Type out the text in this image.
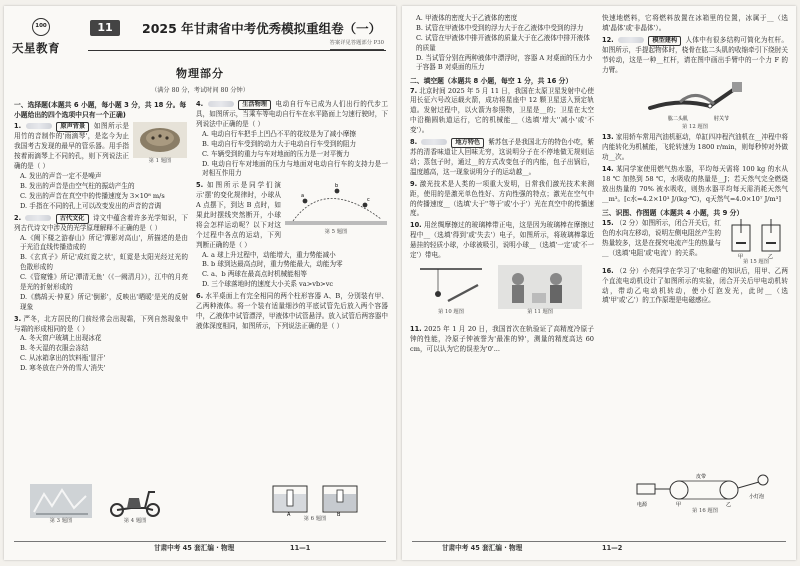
100
天星教育
11	2025 年甘肃省中考优秀模拟重组卷（一）
答案详见答题部分 P30
物理部分
（满分 80 分，考试时间 80 分钟）
一、选择题(本题共 6 小题，每小题 3 分，共 18 分。每小题给出的四个选项中只有一个正确)
第 1 题图
1.	原声背景 如图所示是用竹的音制作的'雨滴琴'，是迄今为止我国考古发现的最早的管乐器。用手指按着雨滴琴上不同的孔，则下列说法正确的是（ ）
A. 发出的声音一定不是噪声
B. 发出的声音是由空气柱的振动产生的
C. 发出的声音在真空中的传播速度为 3×10⁸ m/s
D. 手指在不同的孔上可以改变发出的声音的音调
2.	古代文化 诗文中蕴含着许多光学知识，下列古代诗文中涉及的光学原理解释不正确的是（ ）
A.《阙下楼之游春山》所记'潭影对高山'，所描述的是由于光沿直线传播造成的
B.《玄真子》所记'成红霓之状'，虹霓是太阳光经过光的色散形成的
C.《管窥锥》所记'潭清无鱼'（《一阙清月》），江中的月亮是光的折射形成的
D.《鹧鸪天·仲夏》所记'倒影'，反映出'晒暖'是光的反射现象
3. 严冬，北方居民的门前经常会出现霜，下列自然现象中与霜的形成相同的是（ ）
A. 冬天窗户玻璃上出现冰花
B. 冬天湿的衣服会冻结
C. 从冰箱拿出的饮料瓶'冒汗'
D. 寒冬放在户外的雪人'消失'
第 3 题图	第 4 题图
4.	生活物理 电动自行车已成为人们出行的代步工具，如图所示，当乘车等电动自行车在水平路面上匀速行驶时，下列说法中正确的是（ ）
A. 电动自行车把手上凹凸不平的花纹是为了减小摩擦
B. 电动自行车受到的动力大于电动自行车受到的阻力
C. 车辆受到的重力与车对地面的压力是一对平衡力
D. 电动自行车对地面的压力与地面对电动自行车的支持力是一对相互作用力
a
b
c
第 5 题图
5. 如图所示是同学们演示'摆'的变化规律时，小球从 A 点摆下，到达 B 点时，如果此时摆线突然断开，小球将会怎样运动呢？以下对这个过程中各点的运动，下列判断正确的是（ ）
A. a 球上升过程中，动能增大，重力势能减小
B. b 球到达最高点时，重力势能最大，动能为零
C. a、b 两球在最高点时机械能相等
D. 三个球落地时的速度大小关系 va>vb>vc
6. 水平桌面上有完全相同的两个柱形容器 A、B，分别装有甲、乙两种液体。将一个装有适量细沙的平底试管先后放入两个容器中，乙液体中试管漂浮，甲液体中试管悬浮。放入试管后两容器中液体深度相同，如图所示，下列说法正确的是（ ）
A	B
第 6 题图
甘肃中考 45 套汇编 · 物理	11—1
A. 甲液体的密度大于乙液体的密度
B. 试管在甲液体中受到的浮力大于在乙液体中受到的浮力
C. 试管在甲液体中排开液体的质量大于在乙液体中排开液体的质量
D. 当试管分别在两种液体中漂浮时，容器 A 对桌面的压力小于容器 B 对桌面的压力
二、填空题（本题共 8 小题，每空 1 分，共 16 分）
7. 北京时间 2025 年 5 月 11 日，我国在太原卫星发射中心使用长征六号改运载火箭，成功将星座中 12 颗卫星送入预定轨道。发射过程中，以火箭为参照物，卫星是__的；卫星在太空中沿椭圆轨道运行，它的机械能__（选填'增大''减小'或'不变'）。
8.	地方特色 紫苏包子是我国北方的特色小吃，紫苏的清香味道让人回味无穷，这说明分子在不停地做无规则运动；蒸包子时，通过__的方式改变包子的内能，包子出锅后，温度越高，这一现象说明分子的运动越__。
9. 激光技术是人类的一项重大发明，日常我们激光技术来测距，使用的是激光单色性好、方向性强的特点；激光在空气中的传播速度__（选填'大于''等于'或'小于'）光在真空中的传播速度。
10. 用丝绸摩擦过的玻璃棒带正电，这是因为玻璃棒在摩擦过程中__（选填'得到'或'失去'）电子，如图所示，将玻璃棒靠近悬挂的轻质小球，小球被吸引，说明小球__（选填'一定'或'不一定'）带电。
第 10 题图	第 11 题图
11. 2025 年 1 月 20 日，我国首次在轨验证了高精度冷原子钟的性能，冷原子钟被誉为'最准的钟'，测量的精度高达 60 cm，可以认为它的误差为'0'...
快速地燃料，它将燃料放置在冰箱里的位置，冰属于__（选填'晶体'或'非晶体'）。
12.	模型建构 人体中有很多结构可简化为杠杆。如图所示，手提起物体时，桡骨在肱二头肌的收缩牵引下绕肘关节转动，这是一种__杠杆，请在图中画出手臂中的一个力 F 的力臂。
肱二头肌	肘关节
第 12 题图
13. 家用轿车常用汽油机驱动，单缸四冲程汽油机在__冲程中将内能转化为机械能，飞轮转速为 1800 r/min，则每秒钟对外做功__次。
14. 某同学家使用燃气热水器，平均每天需将 100 kg 的水从 18 ℃ 加热到 58 ℃，水吸收的热量是__J；若天然气完全燃烧放出热量的 70% 被水吸收，则热水器平均每天需消耗天然气__m³。[c水=4.2×10³ J/(kg·℃)，q天然气=4.0×10⁷ J/m³]
三、识图、作图题（本题共 4 小题，共 9 分）
甲	乙
第 15 题图
15. （2 分）如图所示，闭合开关后，红色的水向左移动，说明左侧电阻丝产生的热量较多，这是在探究电流产生的热量与__（选填'电阻'或'电流'）的关系。
16. （2 分）小亮同学在学习了'电和磁'的知识后，用甲、乙两个直流电动机设计了如图所示的实验，闭合开关后甲电动机转动，带动乙电动机转动，使小灯泡发光，此时__（选填'甲'或'乙'）的工作原理是电磁感应。
电源	甲
皮带
乙
小灯泡
第 16 题图
甘肃中考 45 套汇编 · 物理	11—2
